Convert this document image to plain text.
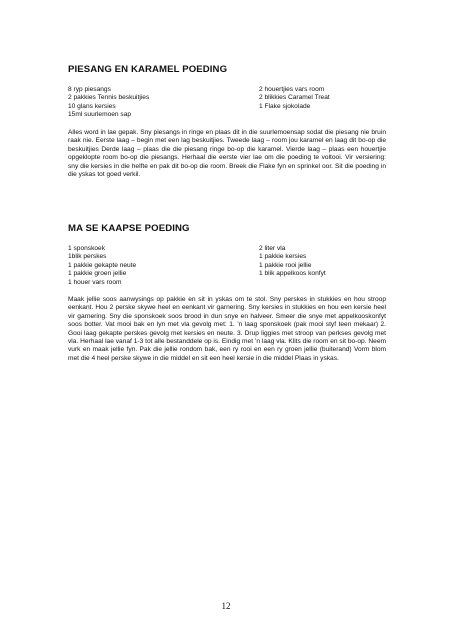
PIESANG EN KARAMEL POEDING
8 ryp piesangs
2 pakkies Tennis beskuitjies
10 glans kersies
15ml suurlemoen sap
2 houertjies vars room
2 blikkies Caramel Treat
1 Flake sjokolade

Alles word in lae gepak. Sny piesangs in ringe en plaas dit in die suurlemoensap sodat die piesang nie bruin raak nie. Eerste laag – begin met een lag beskuitjies. Tweede laag – room jou karamel en laag dit bo-op die beskuitjies Derde laag – plaas die die piesang ringe bo-op die karamel. Vierde laag – plaas een houertjie opgeklopte room bo-op die piesangs. Herhaal die eerste vier lae om die poeding te voltooi. Vir versiering: sny die kersies in die helfte en pak dit bo-op die room. Breek die Flake fyn en sprinkel oor. Sit die poeding in die yskas tot goed verkil.

MA SE KAAPSE POEDING
1 sponskoek
1blik perskes
1 pakkie gekapte neute
1 pakkie groen jellie
1 houer vars room
2 liter vla
1 pakkie kersies
1 pakkie rooi jellie
1 blik appelkoos konfyt

Maak jellie soos aanwysings op pakkie en sit in yskas om te stol. Sny perskes in stukkies en hou stroop eenkant. Hou 2 perske skywe heel en eenkant vir garnering. Sny kersies in stukkies en hou een kersie heel vir garnering. Sny die sponskoek soos brood in dun snye en halveer. Smeer die snye met appelkooskonfyt soos botter. Vat mooi bak en lyn met vla gevolg met: 1. ’n laag sponskoek (pak mooi styf teen mekaar) 2. Gooi laag gekapte perskes gevolg met kersies en neute. 3. Drup liggies met stroop van perkses gevolg met vla. Herhaal lae vanaf 1-3 tot alle bestanddele op is. Eindig met ’n laag vla. Klits die room en sit bo-op. Neem vurk en maak jellie fyn. Pak die jellie rondom bak, een ry rooi en een ry groen jellie (buiterand) Vorm blom met die 4 heel perske skywe in die middel en sit een heel kersie in die middel Plaas in yskas.

12
